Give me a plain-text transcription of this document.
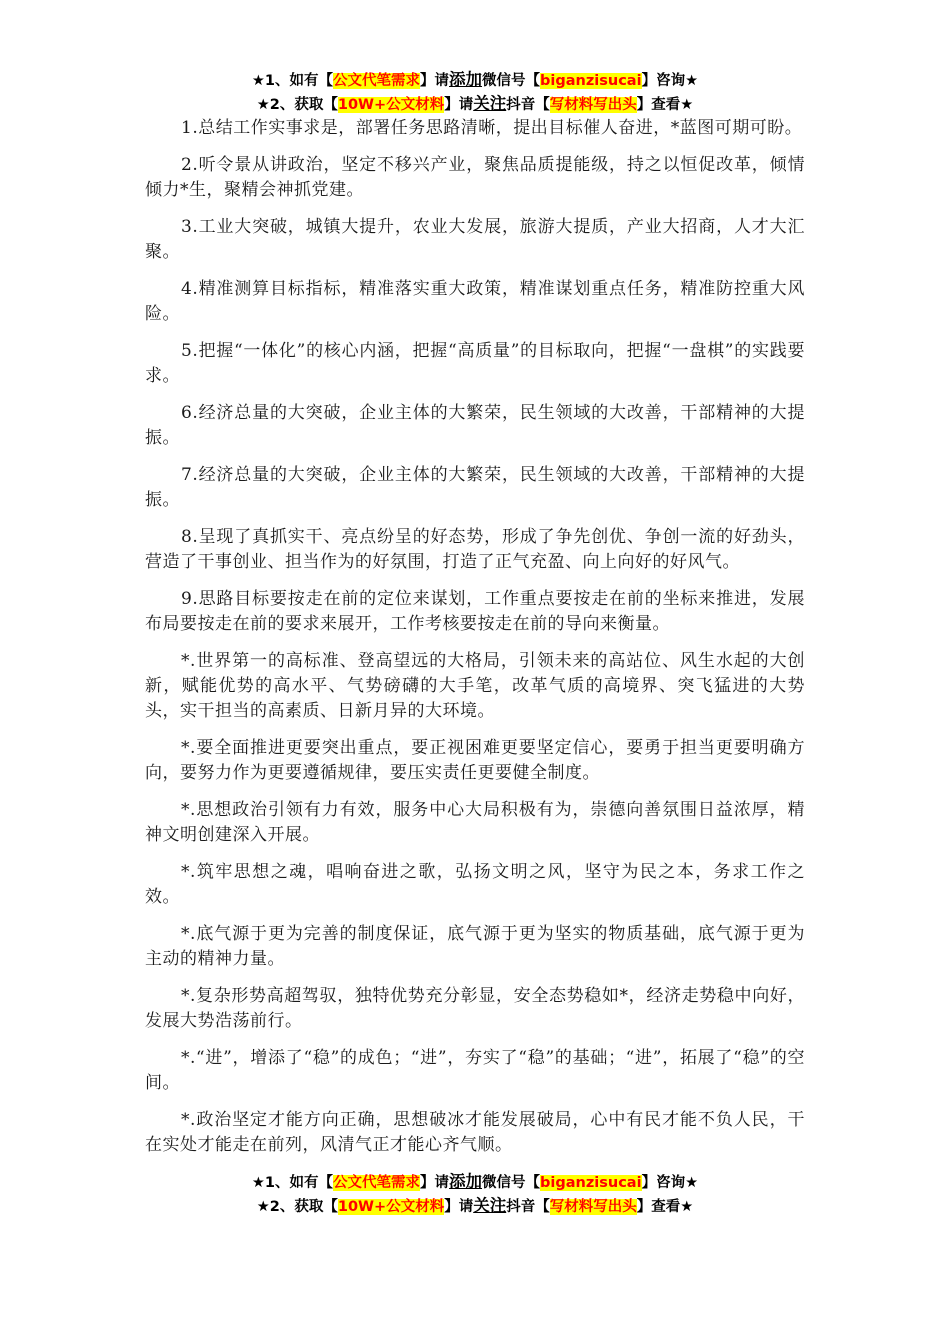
★1、如有【公文代笔需求】请添加微信号【biganzisucai】咨询★
★2、获取【10W+公文材料】请关注抖音【写材料写出头】查看★

1.总结工作实事求是，部署任务思路清晰，提出目标催人奋进，*蓝图可期可盼。

2.听令景从讲政治，坚定不移兴产业，聚焦品质提能级，持之以恒促改革，倾情倾力*生，聚精会神抓党建。

3.工业大突破，城镇大提升，农业大发展，旅游大提质，产业大招商，人才大汇聚。

4.精准测算目标指标，精准落实重大政策，精准谋划重点任务，精准防控重大风险。

5.把握“一体化”的核心内涵，把握“高质量”的目标取向，把握“一盘棋”的实践要求。

6.经济总量的大突破，企业主体的大繁荣，民生领域的大改善，干部精神的大提振。

7.经济总量的大突破，企业主体的大繁荣，民生领域的大改善，干部精神的大提振。

8.呈现了真抓实干、亮点纷呈的好态势，形成了争先创优、争创一流的好劲头，营造了干事创业、担当作为的好氛围，打造了正气充盈、向上向好的好风气。

9.思路目标要按走在前的定位来谋划，工作重点要按走在前的坐标来推进，发展布局要按走在前的要求来展开，工作考核要按走在前的导向来衡量。

*.世界第一的高标准、登高望远的大格局，引领未来的高站位、风生水起的大创新，赋能优势的高水平、气势磅礴的大手笔，改革气质的高境界、突飞猛进的大势头，实干担当的高素质、日新月异的大环境。

*.要全面推进更要突出重点，要正视困难更要坚定信心，要勇于担当更要明确方向，要努力作为更要遵循规律，要压实责任更要健全制度。

*.思想政治引领有力有效，服务中心大局积极有为，崇德向善氛围日益浓厚，精神文明创建深入开展。

*.筑牢思想之魂，唱响奋进之歌，弘扬文明之风，坚守为民之本，务求工作之效。

*.底气源于更为完善的制度保证，底气源于更为坚实的物质基础，底气源于更为主动的精神力量。

*.复杂形势高超驾驭，独特优势充分彰显，安全态势稳如*，经济走势稳中向好，发展大势浩荡前行。

*.“进”，增添了“稳”的成色；“进”，夯实了“稳”的基础；“进”，拓展了“稳”的空间。

*.政治坚定才能方向正确，思想破冰才能发展破局，心中有民才能不负人民，干在实处才能走在前列，风清气正才能心齐气顺。

★1、如有【公文代笔需求】请添加微信号【biganzisucai】咨询★
★2、获取【10W+公文材料】请关注抖音【写材料写出头】查看★
